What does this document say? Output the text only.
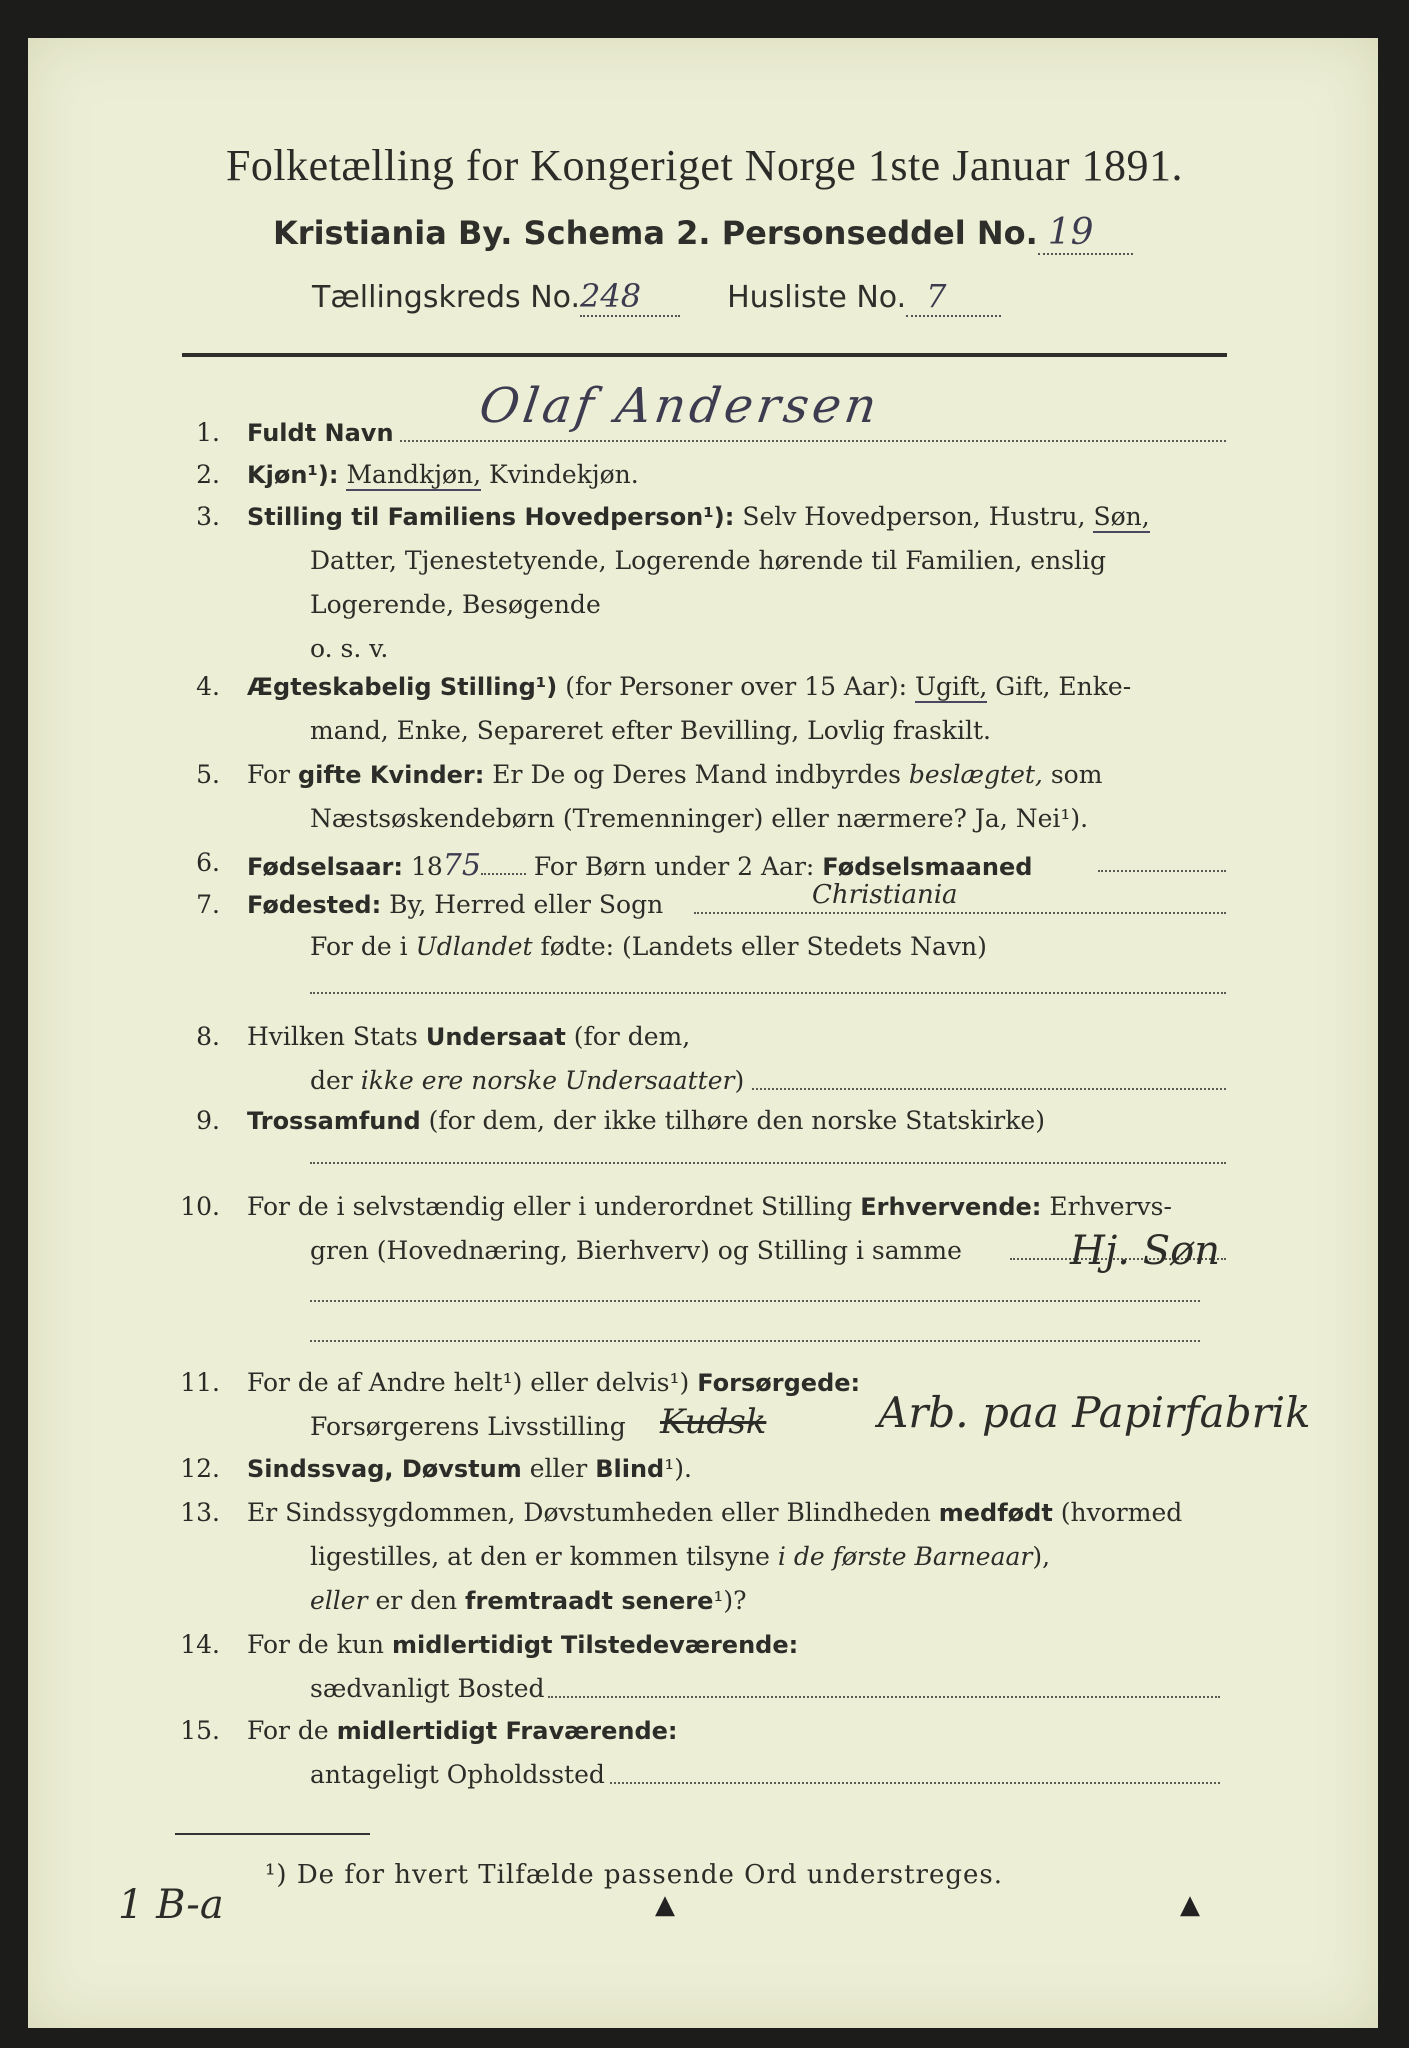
Folketælling for Kongeriget Norge 1ste Januar 1891.
Kristiania By. Schema 2. Personseddel No. 19
Tællingskreds No.248	Husliste No. 7
1. Fuldt Navn Olaf Andersen
2. Kjøn¹): Mandkjøn, Kvindekjøn.
3. Stilling til Familiens Hovedperson¹): Selv Hovedperson, Hustru, Søn,
Datter, Tjenestetyende, Logerende hørende til Familien, enslig
Logerende, Besøgende
o. s. v.
4. Ægteskabelig Stilling¹) (for Personer over 15 Aar): Ugift, Gift, Enke-
mand, Enke, Separeret efter Bevilling, Lovlig fraskilt.
5. For gifte Kvinder: Er De og Deres Mand indbyrdes beslægtet, som
Næstsøskendebørn (Tremenninger) eller nærmere? Ja, Nei¹).
6. Fødselsaar: 1875 For Børn under 2 Aar: Fødselsmaaned
7. Fødested: By, Herred eller Sogn	Christiania
For de i Udlandet fødte: (Landets eller Stedets Navn)
8. Hvilken Stats Undersaat (for dem,
der ikke ere norske Undersaatter)
9. Trossamfund (for dem, der ikke tilhøre den norske Statskirke)
10. For de i selvstændig eller i underordnet Stilling Erhvervende: Erhvervs-
gren (Hovednæring, Bierhverv) og Stilling i samme	Hj. Søn
11. For de af Andre helt¹) eller delvis¹) Forsørgede:
Forsørgerens Livsstilling Kudsk	Arb. paa Papirfabrik
12. Sindssvag, Døvstum eller Blind¹).
13. Er Sindssygdommen, Døvstumheden eller Blindheden medfødt (hvormed
ligestilles, at den er kommen tilsyne i de første Barneaar),
eller er den fremtraadt senere¹)?
14. For de kun midlertidigt Tilstedeværende:
sædvanligt Bosted
15. For de midlertidigt Fraværende:
antageligt Opholdssted
¹) De for hvert Tilfælde passende Ord understreges.
1 B-a	▲	▲
